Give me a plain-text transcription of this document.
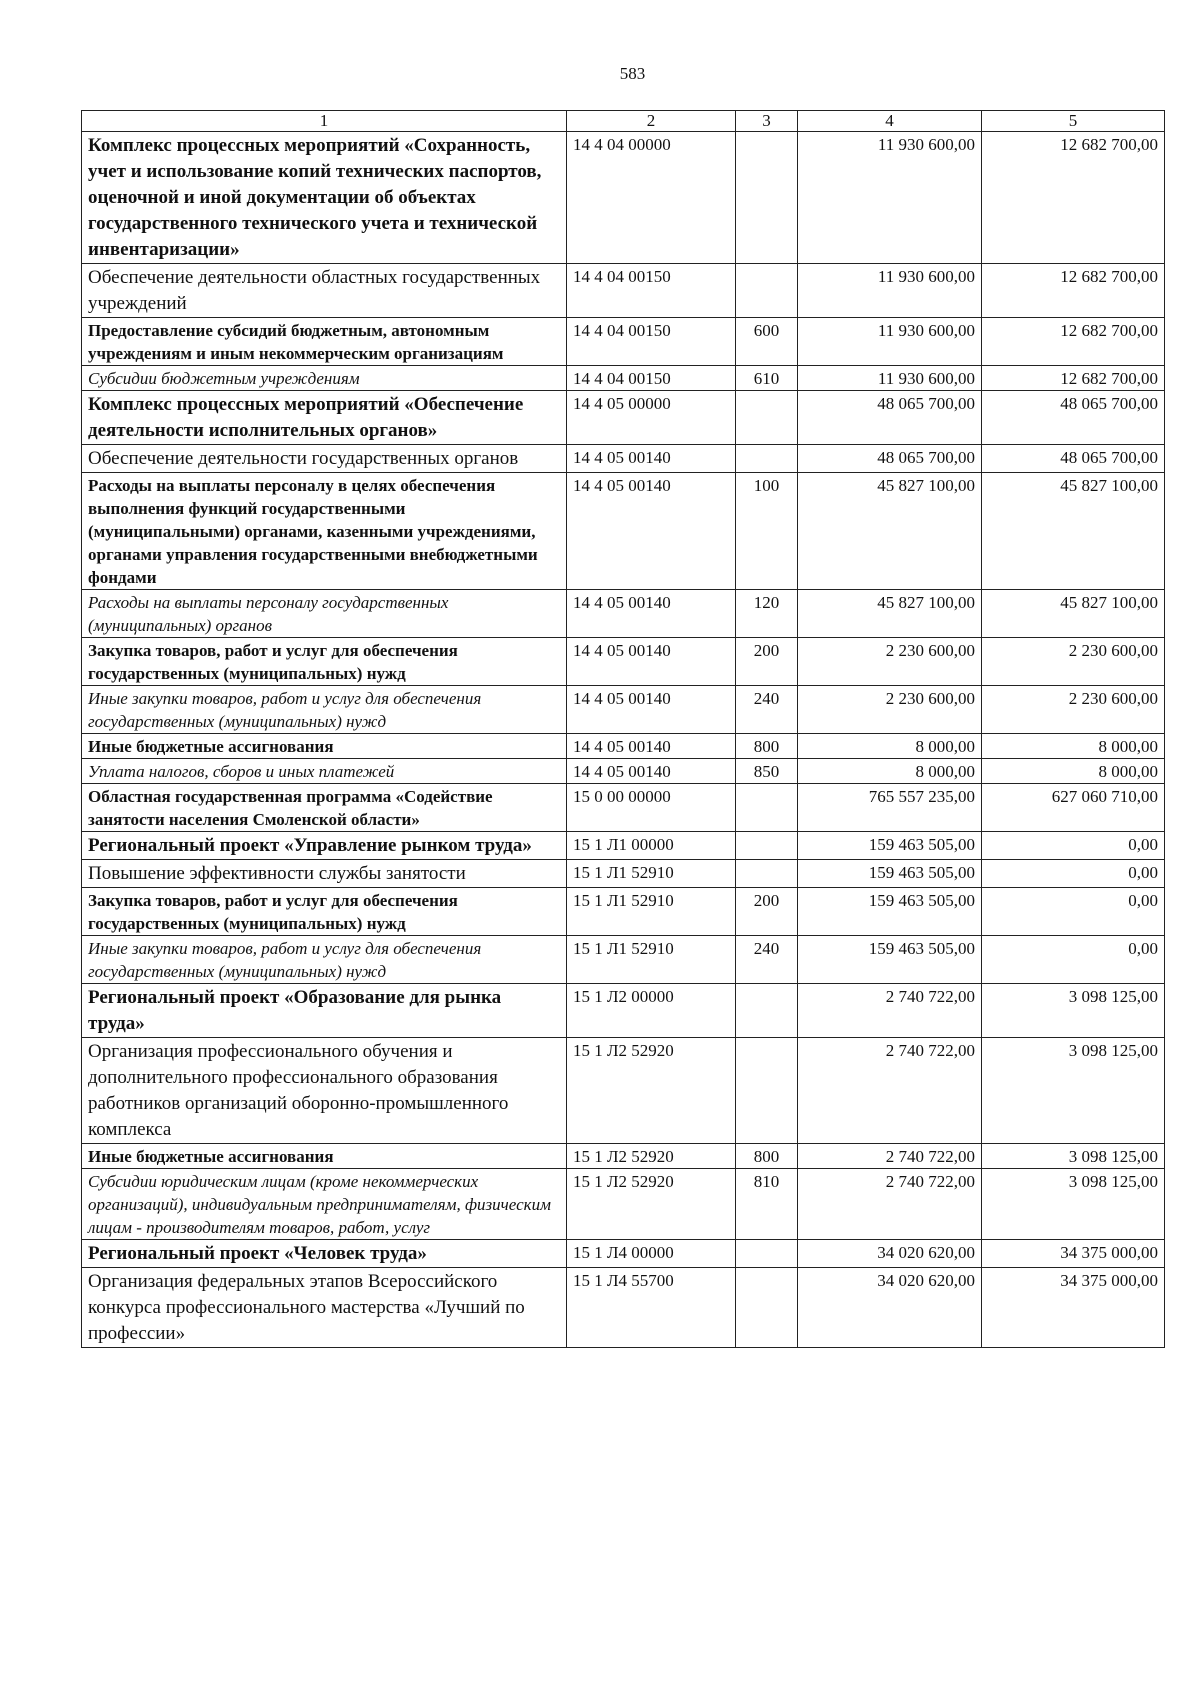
583
1	2	3	4	5
Комплекс процессных мероприятий «Сохранность, учет и использование копий технических паспортов, оценочной и иной документации об объектах государственного технического учета и технической инвентаризации»	14 4 04 00000		11 930 600,00	12 682 700,00
Обеспечение деятельности областных государственных учреждений	14 4 04 00150		11 930 600,00	12 682 700,00
Предоставление субсидий бюджетным, автономным учреждениям и иным некоммерческим организациям	14 4 04 00150	600	11 930 600,00	12 682 700,00
Субсидии бюджетным учреждениям	14 4 04 00150	610	11 930 600,00	12 682 700,00
Комплекс процессных мероприятий «Обеспечение деятельности исполнительных органов»	14 4 05 00000		48 065 700,00	48 065 700,00
Обеспечение деятельности государственных органов	14 4 05 00140		48 065 700,00	48 065 700,00
Расходы на выплаты персоналу в целях обеспечения выполнения функций государственными (муниципальными) органами, казенными учреждениями, органами управления государственными внебюджетными фондами	14 4 05 00140	100	45 827 100,00	45 827 100,00
Расходы на выплаты персоналу государственных (муниципальных) органов	14 4 05 00140	120	45 827 100,00	45 827 100,00
Закупка товаров, работ и услуг для обеспечения государственных (муниципальных) нужд	14 4 05 00140	200	2 230 600,00	2 230 600,00
Иные закупки товаров, работ и услуг для обеспечения государственных (муниципальных) нужд	14 4 05 00140	240	2 230 600,00	2 230 600,00
Иные бюджетные ассигнования	14 4 05 00140	800	8 000,00	8 000,00
Уплата налогов, сборов и иных платежей	14 4 05 00140	850	8 000,00	8 000,00
Областная государственная программа «Содействие занятости населения Смоленской области»	15 0 00 00000		765 557 235,00	627 060 710,00
Региональный проект «Управление рынком труда»	15 1 Л1 00000		159 463 505,00	0,00
Повышение эффективности службы занятости	15 1 Л1 52910		159 463 505,00	0,00
Закупка товаров, работ и услуг для обеспечения государственных (муниципальных) нужд	15 1 Л1 52910	200	159 463 505,00	0,00
Иные закупки товаров, работ и услуг для обеспечения государственных (муниципальных) нужд	15 1 Л1 52910	240	159 463 505,00	0,00
Региональный проект «Образование для рынка труда»	15 1 Л2 00000		2 740 722,00	3 098 125,00
Организация профессионального обучения и дополнительного профессионального образования работников организаций оборонно-промышленного комплекса	15 1 Л2 52920		2 740 722,00	3 098 125,00
Иные бюджетные ассигнования	15 1 Л2 52920	800	2 740 722,00	3 098 125,00
Субсидии юридическим лицам (кроме некоммерческих организаций), индивидуальным предпринимателям, физическим лицам - производителям товаров, работ, услуг	15 1 Л2 52920	810	2 740 722,00	3 098 125,00
Региональный проект «Человек труда»	15 1 Л4 00000		34 020 620,00	34 375 000,00
Организация федеральных этапов Всероссийского конкурса профессионального мастерства «Лучший по профессии»	15 1 Л4 55700		34 020 620,00	34 375 000,00
